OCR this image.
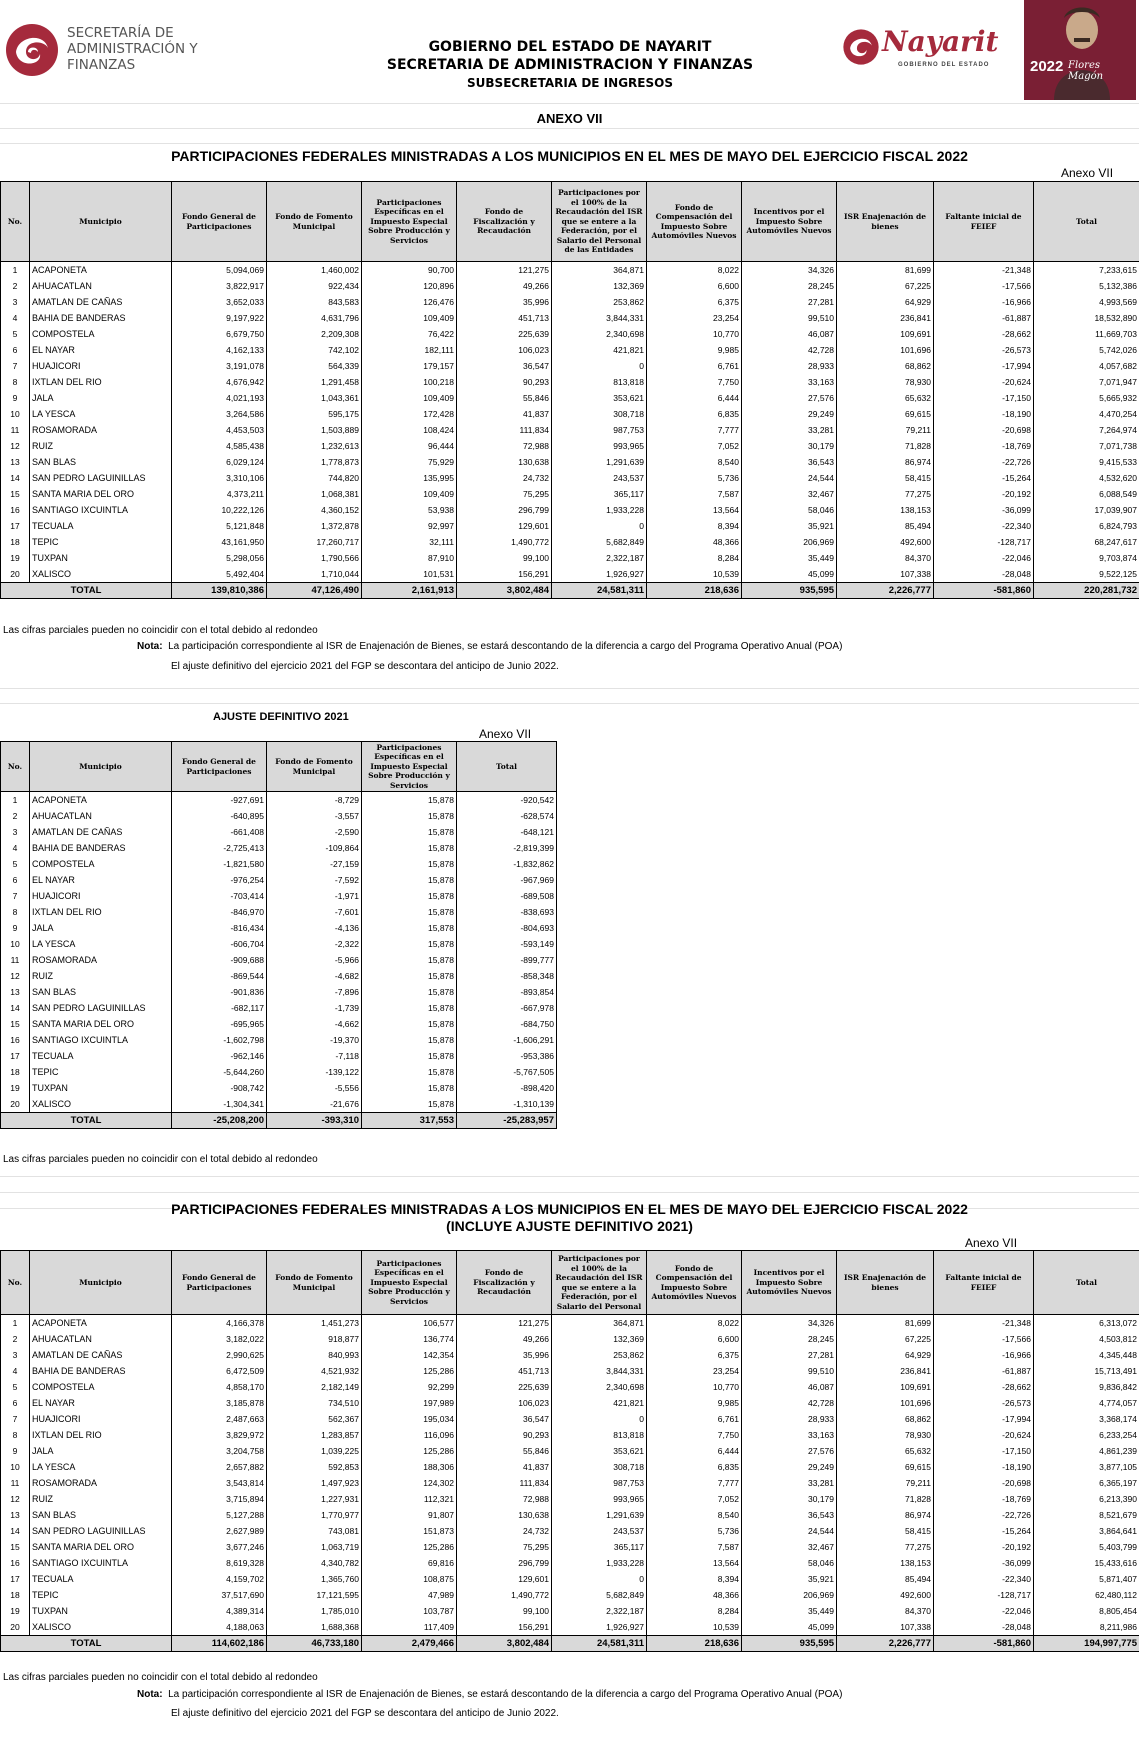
SECRETARÍA DE
ADMINISTRACIÓN Y
FINANZAS
GOBIERNO DEL ESTADO DE NAYARIT
SECRETARIA DE ADMINISTRACION Y FINANZAS
SUBSECRETARIA DE INGRESOS
Nayarit
GOBIERNO DEL ESTADO	2022 Flores Magón
ANEXO VII
PARTICIPACIONES FEDERALES MINISTRADAS A LOS MUNICIPIOS EN EL MES DE MAYO DEL EJERCICIO FISCAL 2022
Anexo VII
No.	Municipio	Fondo General de Participaciones	Fondo de Fomento Municipal	Participaciones Específicas en el Impuesto Especial Sobre Producción y Servicios	Fondo de Fiscalización y Recaudación	Participaciones por el 100% de la Recaudación del ISR que se entere a la Federación, por el Salario del Personal de las Entidades	Fondo de Compensación del Impuesto Sobre Automóviles Nuevos	Incentivos por el Impuesto Sobre Automóviles Nuevos	ISR Enajenación de bienes	Faltante inicial de FEIEF	Total
1	ACAPONETA	5,094,069	1,460,002	90,700	121,275	364,871	8,022	34,326	81,699	-21,348	7,233,615
2	AHUACATLAN	3,822,917	922,434	120,896	49,266	132,369	6,600	28,245	67,225	-17,566	5,132,386
3	AMATLAN DE CAÑAS	3,652,033	843,583	126,476	35,996	253,862	6,375	27,281	64,929	-16,966	4,993,569
4	BAHIA DE BANDERAS	9,197,922	4,631,796	109,409	451,713	3,844,331	23,254	99,510	236,841	-61,887	18,532,890
5	COMPOSTELA	6,679,750	2,209,308	76,422	225,639	2,340,698	10,770	46,087	109,691	-28,662	11,669,703
6	EL NAYAR	4,162,133	742,102	182,111	106,023	421,821	9,985	42,728	101,696	-26,573	5,742,026
7	HUAJICORI	3,191,078	564,339	179,157	36,547	0	6,761	28,933	68,862	-17,994	4,057,682
8	IXTLAN DEL RIO	4,676,942	1,291,458	100,218	90,293	813,818	7,750	33,163	78,930	-20,624	7,071,947
9	JALA	4,021,193	1,043,361	109,409	55,846	353,621	6,444	27,576	65,632	-17,150	5,665,932
10	LA YESCA	3,264,586	595,175	172,428	41,837	308,718	6,835	29,249	69,615	-18,190	4,470,254
11	ROSAMORADA	4,453,503	1,503,889	108,424	111,834	987,753	7,777	33,281	79,211	-20,698	7,264,974
12	RUIZ	4,585,438	1,232,613	96,444	72,988	993,965	7,052	30,179	71,828	-18,769	7,071,738
13	SAN BLAS	6,029,124	1,778,873	75,929	130,638	1,291,639	8,540	36,543	86,974	-22,726	9,415,533
14	SAN PEDRO LAGUINILLAS	3,310,106	744,820	135,995	24,732	243,537	5,736	24,544	58,415	-15,264	4,532,620
15	SANTA MARIA DEL ORO	4,373,211	1,068,381	109,409	75,295	365,117	7,587	32,467	77,275	-20,192	6,088,549
16	SANTIAGO IXCUINTLA	10,222,126	4,360,152	53,938	296,799	1,933,228	13,564	58,046	138,153	-36,099	17,039,907
17	TECUALA	5,121,848	1,372,878	92,997	129,601	0	8,394	35,921	85,494	-22,340	6,824,793
18	TEPIC	43,161,950	17,260,717	32,111	1,490,772	5,682,849	48,366	206,969	492,600	-128,717	68,247,617
19	TUXPAN	5,298,056	1,790,566	87,910	99,100	2,322,187	8,284	35,449	84,370	-22,046	9,703,874
20	XALISCO	5,492,404	1,710,044	101,531	156,291	1,926,927	10,539	45,099	107,338	-28,048	9,522,125
TOTAL		139,810,386	47,126,490	2,161,913	3,802,484	24,581,311	218,636	935,595	2,226,777	-581,860	220,281,732
Las cifras parciales pueden no coincidir con el total debido al redondeo
Nota: La participación correspondiente al ISR de Enajenación de Bienes, se estará descontando de la diferencia a cargo del Programa Operativo Anual (POA)
El ajuste definitivo del ejercicio 2021 del FGP se descontara del anticipo de Junio 2022.
AJUSTE DEFINITIVO 2021
Anexo VII
No.	Municipio	Fondo General de Participaciones	Fondo de Fomento Municipal	Participaciones Específicas en el Impuesto Especial Sobre Producción y Servicios	Total
1	ACAPONETA	-927,691	-8,729	15,878	-920,542
2	AHUACATLAN	-640,895	-3,557	15,878	-628,574
3	AMATLAN DE CAÑAS	-661,408	-2,590	15,878	-648,121
4	BAHIA DE BANDERAS	-2,725,413	-109,864	15,878	-2,819,399
5	COMPOSTELA	-1,821,580	-27,159	15,878	-1,832,862
6	EL NAYAR	-976,254	-7,592	15,878	-967,969
7	HUAJICORI	-703,414	-1,971	15,878	-689,508
8	IXTLAN DEL RIO	-846,970	-7,601	15,878	-838,693
9	JALA	-816,434	-4,136	15,878	-804,693
10	LA YESCA	-606,704	-2,322	15,878	-593,149
11	ROSAMORADA	-909,688	-5,966	15,878	-899,777
12	RUIZ	-869,544	-4,682	15,878	-858,348
13	SAN BLAS	-901,836	-7,896	15,878	-893,854
14	SAN PEDRO LAGUINILLAS	-682,117	-1,739	15,878	-667,978
15	SANTA MARIA DEL ORO	-695,965	-4,662	15,878	-684,750
16	SANTIAGO IXCUINTLA	-1,602,798	-19,370	15,878	-1,606,291
17	TECUALA	-962,146	-7,118	15,878	-953,386
18	TEPIC	-5,644,260	-139,122	15,878	-5,767,505
19	TUXPAN	-908,742	-5,556	15,878	-898,420
20	XALISCO	-1,304,341	-21,676	15,878	-1,310,139
TOTAL		-25,208,200	-393,310	317,553	-25,283,957
Las cifras parciales pueden no coincidir con el total debido al redondeo
PARTICIPACIONES FEDERALES MINISTRADAS A LOS MUNICIPIOS EN EL MES DE MAYO DEL EJERCICIO FISCAL 2022
(INCLUYE AJUSTE DEFINITIVO 2021)
Anexo VII
No.	Municipio	Fondo General de Participaciones	Fondo de Fomento Municipal	Participaciones Específicas en el Impuesto Especial Sobre Producción y Servicios	Fondo de Fiscalización y Recaudación	Participaciones por el 100% de la Recaudación del ISR que se entere a la Federación, por el Salario del Personal	Fondo de Compensación del Impuesto Sobre Automóviles Nuevos	Incentivos por el Impuesto Sobre Automóviles Nuevos	ISR Enajenación de bienes	Faltante inicial de FEIEF	Total
1	ACAPONETA	4,166,378	1,451,273	106,577	121,275	364,871	8,022	34,326	81,699	-21,348	6,313,072
2	AHUACATLAN	3,182,022	918,877	136,774	49,266	132,369	6,600	28,245	67,225	-17,566	4,503,812
3	AMATLAN DE CAÑAS	2,990,625	840,993	142,354	35,996	253,862	6,375	27,281	64,929	-16,966	4,345,448
4	BAHIA DE BANDERAS	6,472,509	4,521,932	125,286	451,713	3,844,331	23,254	99,510	236,841	-61,887	15,713,491
5	COMPOSTELA	4,858,170	2,182,149	92,299	225,639	2,340,698	10,770	46,087	109,691	-28,662	9,836,842
6	EL NAYAR	3,185,878	734,510	197,989	106,023	421,821	9,985	42,728	101,696	-26,573	4,774,057
7	HUAJICORI	2,487,663	562,367	195,034	36,547	0	6,761	28,933	68,862	-17,994	3,368,174
8	IXTLAN DEL RIO	3,829,972	1,283,857	116,096	90,293	813,818	7,750	33,163	78,930	-20,624	6,233,254
9	JALA	3,204,758	1,039,225	125,286	55,846	353,621	6,444	27,576	65,632	-17,150	4,861,239
10	LA YESCA	2,657,882	592,853	188,306	41,837	308,718	6,835	29,249	69,615	-18,190	3,877,105
11	ROSAMORADA	3,543,814	1,497,923	124,302	111,834	987,753	7,777	33,281	79,211	-20,698	6,365,197
12	RUIZ	3,715,894	1,227,931	112,321	72,988	993,965	7,052	30,179	71,828	-18,769	6,213,390
13	SAN BLAS	5,127,288	1,770,977	91,807	130,638	1,291,639	8,540	36,543	86,974	-22,726	8,521,679
14	SAN PEDRO LAGUINILLAS	2,627,989	743,081	151,873	24,732	243,537	5,736	24,544	58,415	-15,264	3,864,641
15	SANTA MARIA DEL ORO	3,677,246	1,063,719	125,286	75,295	365,117	7,587	32,467	77,275	-20,192	5,403,799
16	SANTIAGO IXCUINTLA	8,619,328	4,340,782	69,816	296,799	1,933,228	13,564	58,046	138,153	-36,099	15,433,616
17	TECUALA	4,159,702	1,365,760	108,875	129,601	0	8,394	35,921	85,494	-22,340	5,871,407
18	TEPIC	37,517,690	17,121,595	47,989	1,490,772	5,682,849	48,366	206,969	492,600	-128,717	62,480,112
19	TUXPAN	4,389,314	1,785,010	103,787	99,100	2,322,187	8,284	35,449	84,370	-22,046	8,805,454
20	XALISCO	4,188,063	1,688,368	117,409	156,291	1,926,927	10,539	45,099	107,338	-28,048	8,211,986
TOTAL		114,602,186	46,733,180	2,479,466	3,802,484	24,581,311	218,636	935,595	2,226,777	-581,860	194,997,775
Las cifras parciales pueden no coincidir con el total debido al redondeo
Nota: La participación correspondiente al ISR de Enajenación de Bienes, se estará descontando de la diferencia a cargo del Programa Operativo Anual (POA)
El ajuste definitivo del ejercicio 2021 del FGP se descontara del anticipo de Junio 2022.
